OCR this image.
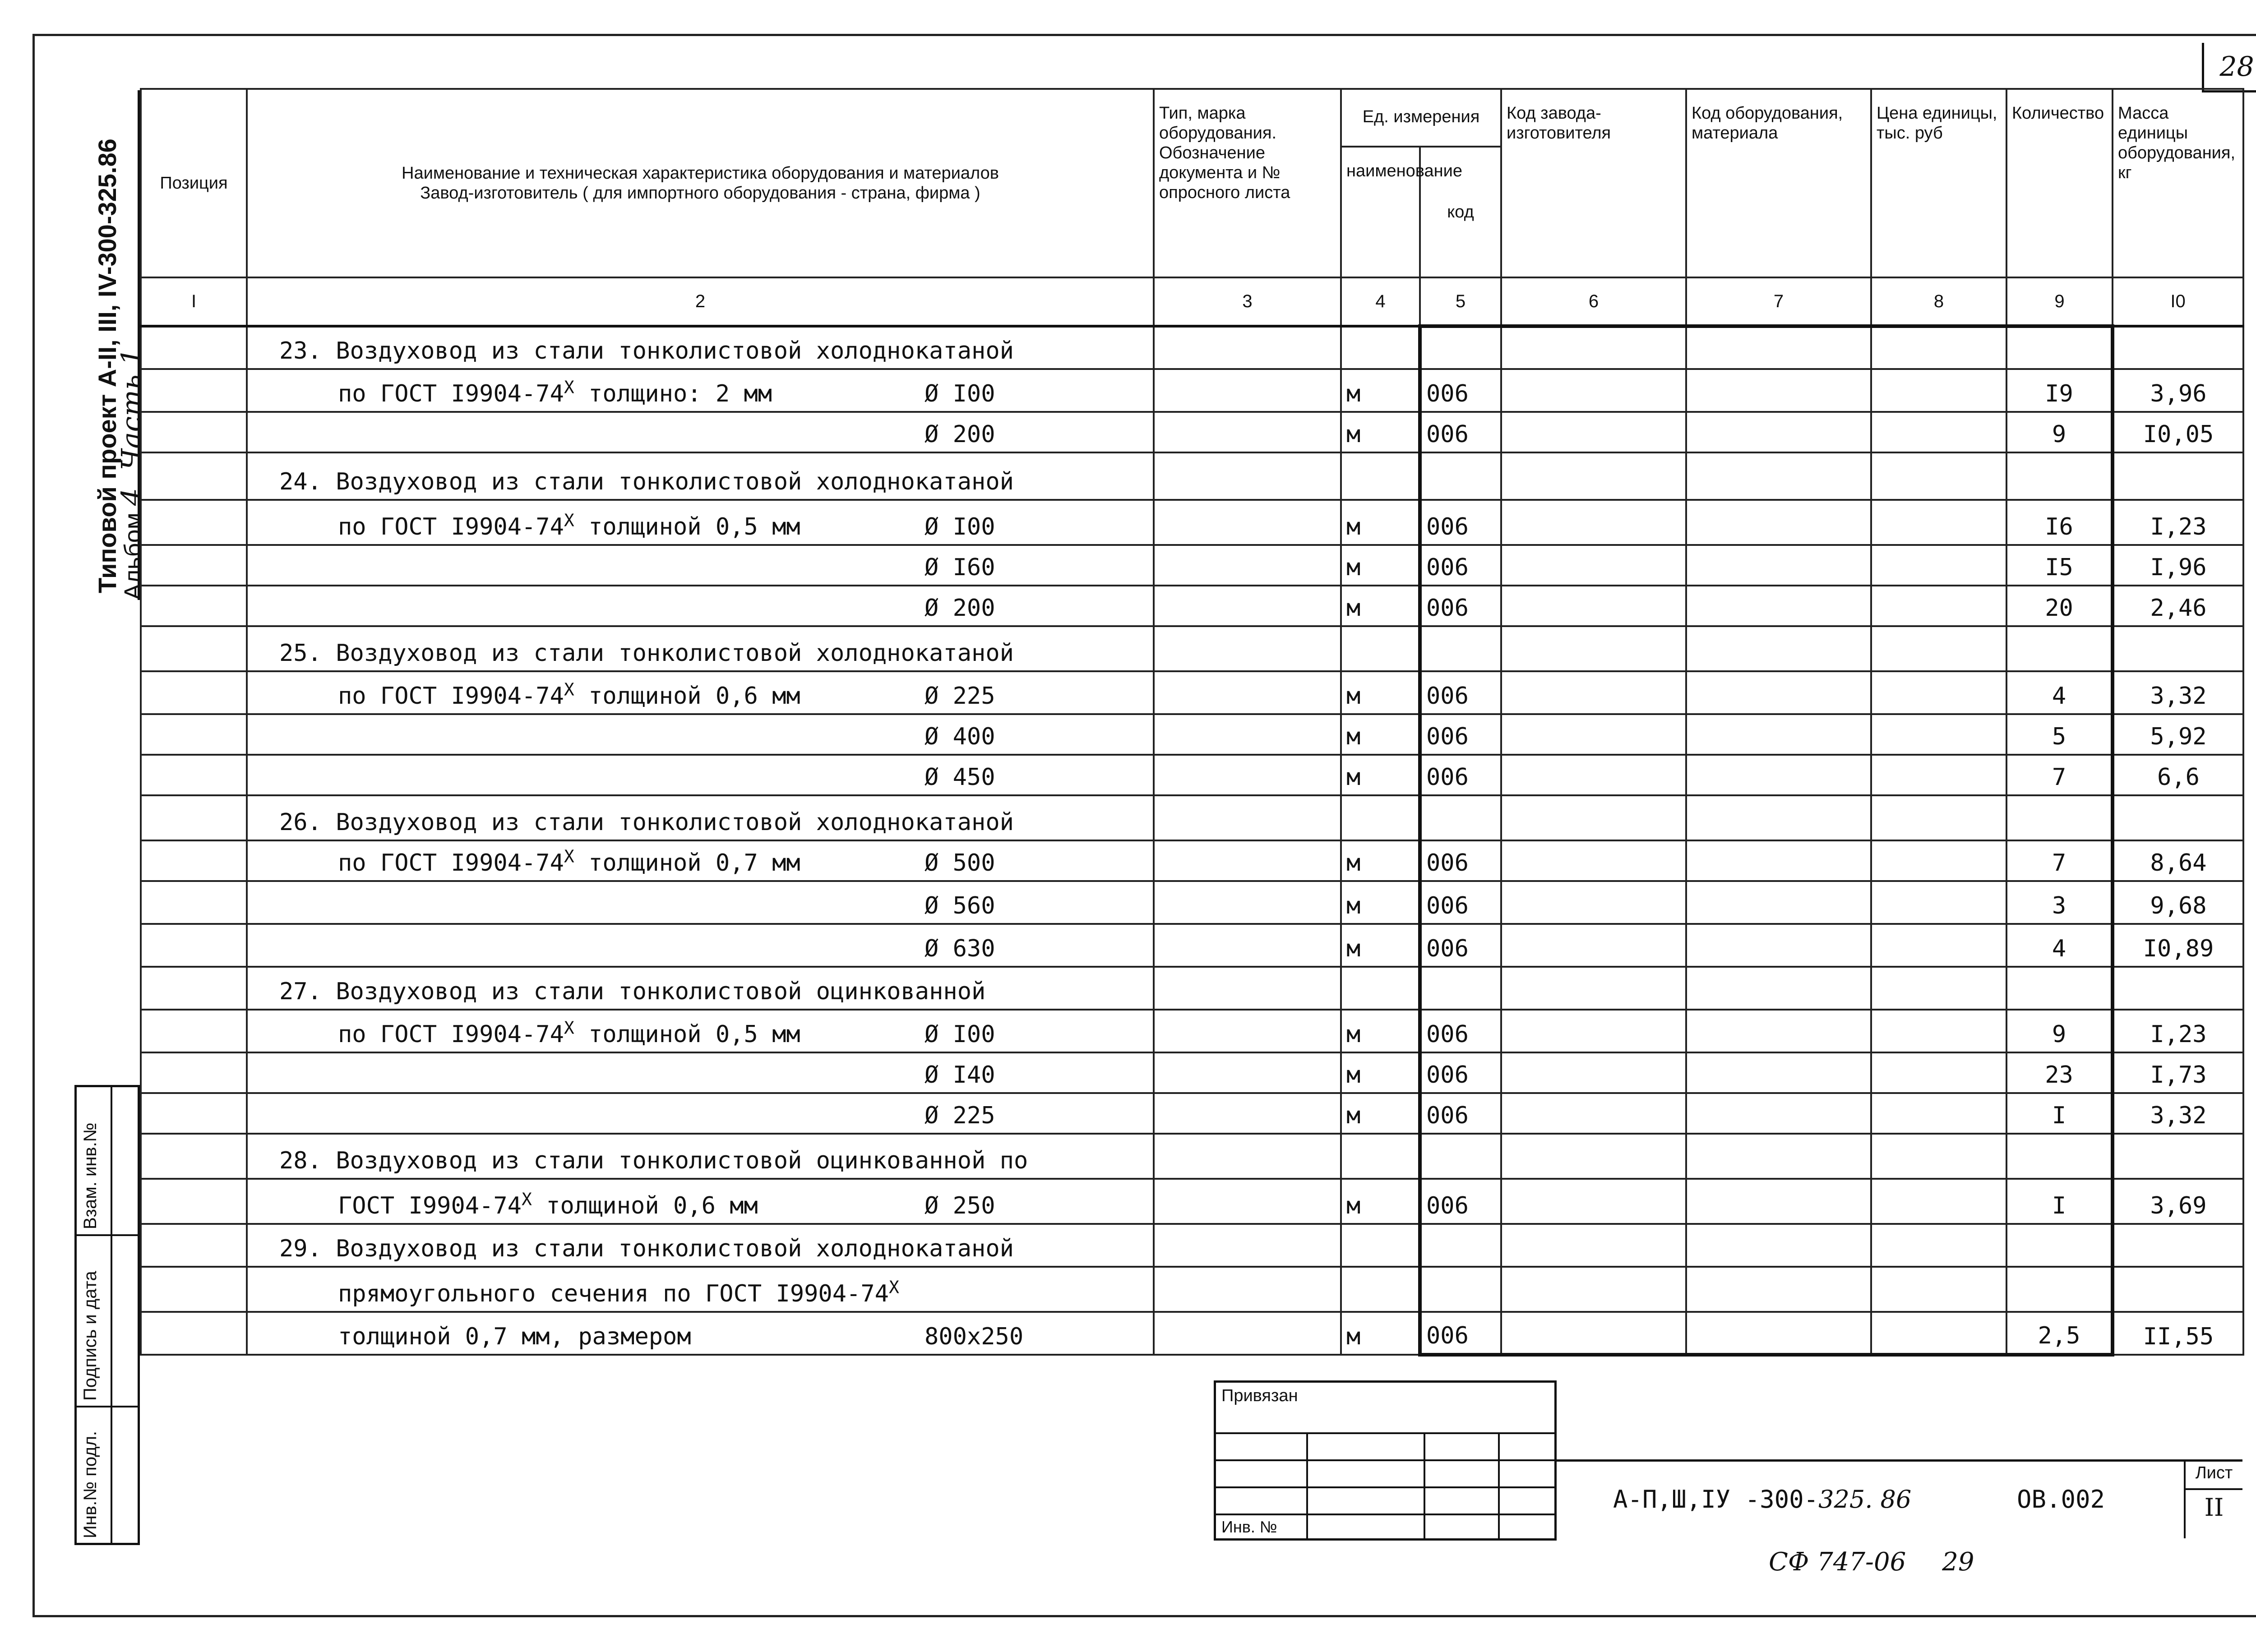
28
Типовой проект А-II, III, IV-300-325.86
Альбом 4. Часть 1
Взам. инв.№
Подпись и дата
Инв.№ подл.
Позиция	Наименование и техническая характеристика оборудования и материалов
Завод-изготовитель ( для импортного оборудования - страна, фирма )	Тип, марка оборудования. Обозначение документа и № опросного листа	Ед. измерения		Код завода-изготовителя	Код оборудования, материала	Цена единицы, тыс. руб	Количество	Масса единицы оборудования, кг
			наименование	код					
I	2	3	4	5	6	7	8	9	I0

	23. Воздуховод из стали тонколистовой холоднокатаной								

	по ГОСТ $I9904-74^X$ толщино: 2 мм Ø I00		м	006				I9	3,96

	Ø 200		м	006				9	I0,05

	24. Воздуховод из стали тонколистовой холоднокатаной								

	по ГОСТ $I9904-74^X$ толщиной 0,5 мм Ø I00		м	006				I6	I,23

	Ø I60		м	006				I5	I,96

	Ø 200		м	006				20	2,46

	25. Воздуховод из стали тонколистовой холоднокатаной								

	по ГОСТ $I9904-74^X$ толщиной 0,6 мм Ø 225		м	006				4	3,32

	Ø 400		м	006				5	5,92

	Ø 450		м	006				7	6,6

	26. Воздуховод из стали тонколистовой холоднокатаной								

	по ГОСТ $I9904-74^X$ толщиной 0,7 мм Ø 500		м	006				7	8,64

	Ø 560		м	006				3	9,68

	Ø 630		м	006				4	I0,89

	27. Воздуховод из стали тонколистовой оцинкованной								

	по ГОСТ $I9904-74^X$ толщиной 0,5 мм Ø I00		м	006				9	I,23

	Ø I40		м	006				23	I,73

	Ø 225		м	006				I	3,32

	28. Воздуховод из стали тонколистовой оцинкованной по								

	ГОСТ $I9904-74^X$ толщиной 0,6 мм Ø 250		м	006				I	3,69

	29. Воздуховод из стали тонколистовой холоднокатаной								

	прямоугольного сечения по ГОСТ $I9904-74^X$

	толщиной 0,7 мм, размером 800x250		м	006				2,5	II,55
Привязан
Инв. №
А-П,Ш,IУ -300-325. 86	ОВ.002
Лист
II
СФ 747-06 29
